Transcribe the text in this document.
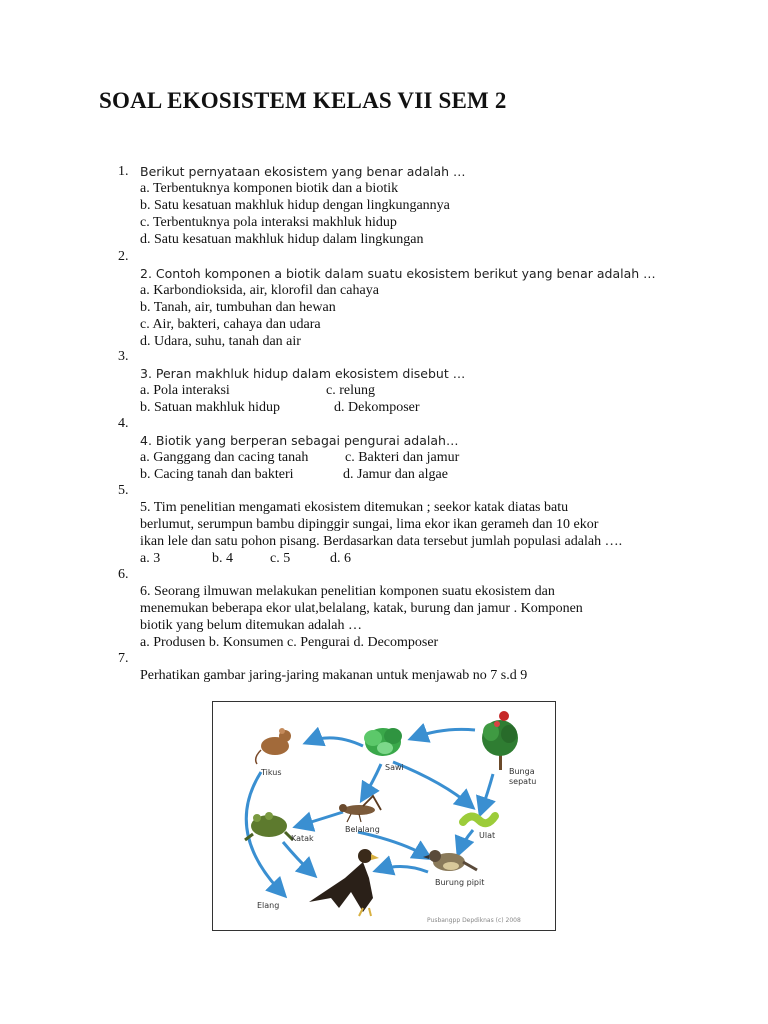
SOAL EKOSISTEM KELAS VII SEM 2
1. Berikut pernyataan ekosistem yang benar adalah …
a. Terbentuknya komponen biotik dan a biotik
b. Satu kesatuan makhluk hidup dengan lingkungannya
c. Terbentuknya pola interaksi makhluk hidup
d. Satu kesatuan makhluk hidup dalam lingkungan
2.
2. Contoh komponen a biotik dalam suatu ekosistem berikut yang benar adalah …
a. Karbondioksida, air, klorofil dan cahaya
b. Tanah, air, tumbuhan dan hewan
c. Air, bakteri, cahaya dan udara
d. Udara, suhu, tanah dan air
3.
3. Peran makhluk hidup dalam ekosistem disebut …
a. Pola interaksi	c. relung
b. Satuan makhluk hidup	d. Dekomposer
4.
4. Biotik yang berperan sebagai pengurai adalah…
a. Ganggang dan cacing tanah	c. Bakteri dan jamur
b. Cacing tanah dan bakteri	d. Jamur dan algae
5.
5. Tim penelitian mengamati ekosistem ditemukan ; seekor katak diatas batu
berlumut, serumpun bambu dipinggir sungai, lima ekor ikan gerameh dan 10 ekor
ikan lele dan satu pohon pisang. Berdasarkan data tersebut jumlah populasi adalah ….
a. 3	b. 4	c. 5	d. 6
6.
6. Seorang ilmuwan melakukan penelitian komponen suatu ekosistem dan
menemukan beberapa ekor ulat,belalang, katak, burung dan jamur . Komponen
biotik yang belum ditemukan adalah …
a. Produsen b. Konsumen c. Pengurai d. Decomposer
7.
Perhatikan gambar jaring-jaring makanan untuk menjawab no 7 s.d 9
Tikus
Sawi	Bunga
sepatu
Katak
Belalang
Ulat
Burung pipit
Elang
Pusbangpp Depdiknas (c) 2008
